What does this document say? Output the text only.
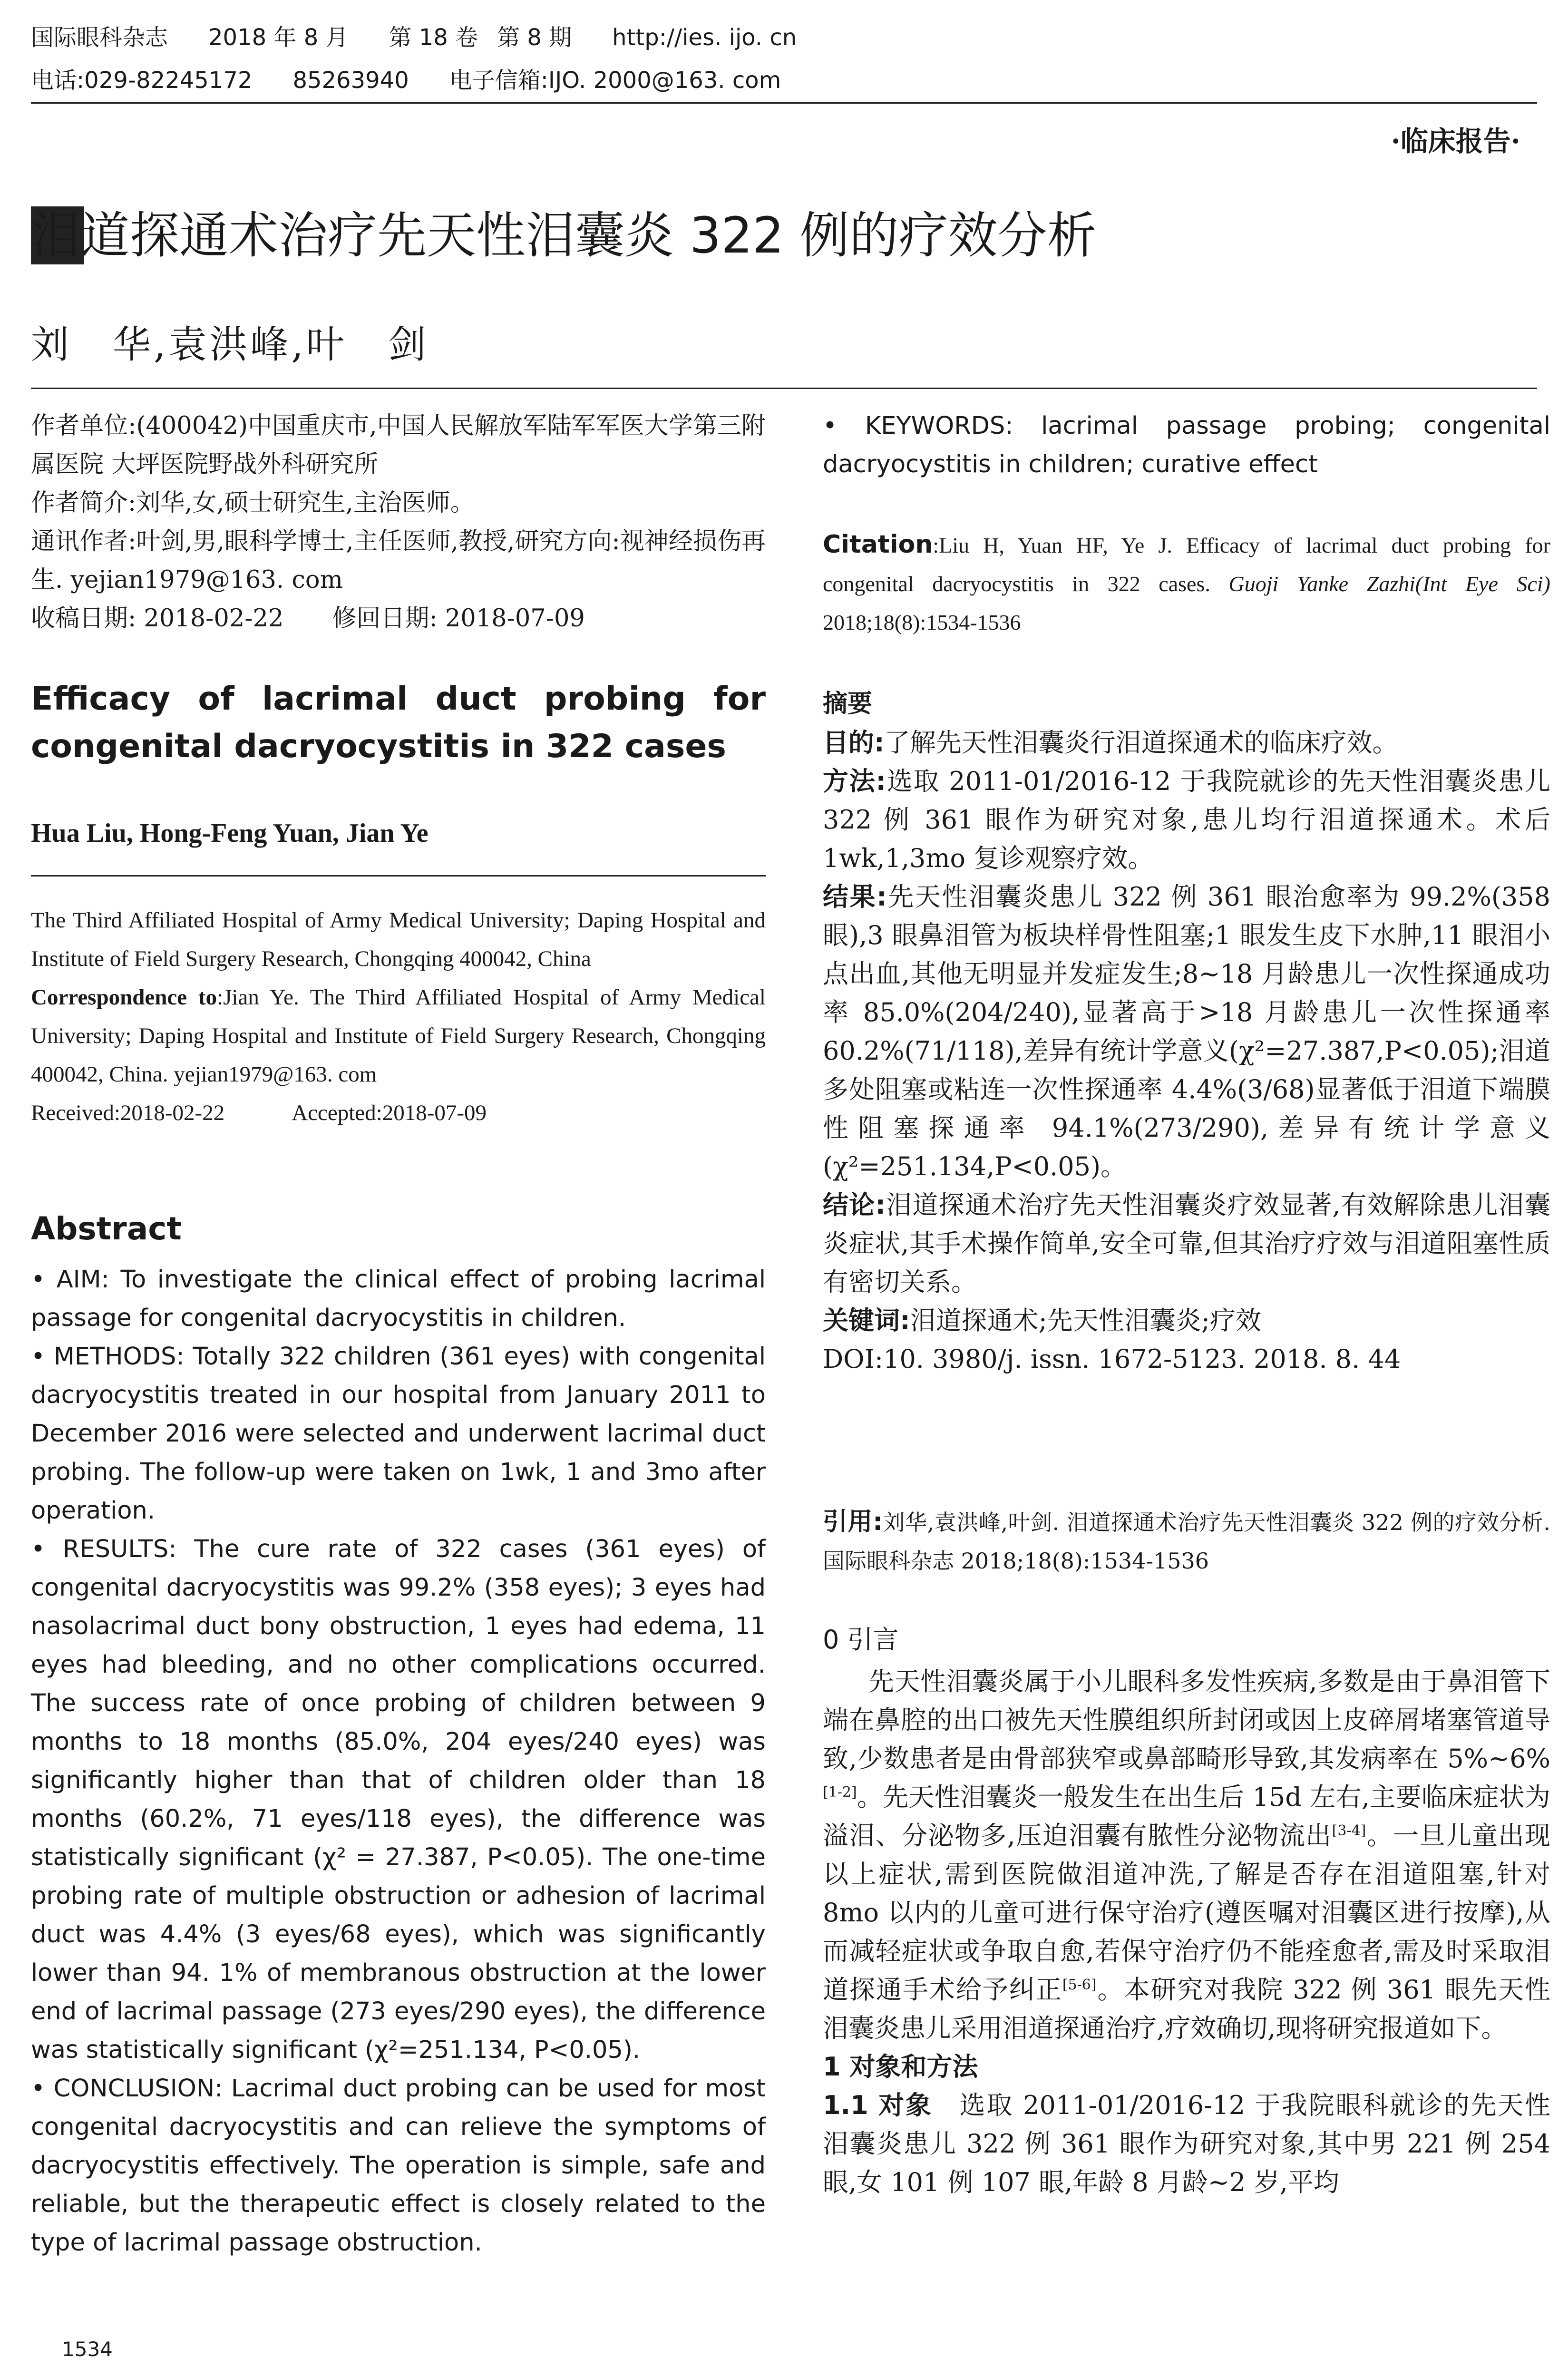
国际眼科杂志 2018 年 8 月 第 18 卷 第 8 期 http://ies. ijo. cn
电话:029-82245172 85263940 电子信箱:IJO. 2000@163. com
·临床报告·
泪道探通术治疗先天性泪囊炎 322 例的疗效分析
刘　华,袁洪峰,叶　剑

作者单位:(400042)中国重庆市,中国人民解放军陆军军医大学第三附属医院 大坪医院野战外科研究所

作者简介:刘华,女,硕士研究生,主治医师。

通讯作者:叶剑,男,眼科学博士,主任医师,教授,研究方向:视神经损伤再生. yejian1979@163. com

收稿日期: 2018-02-22　　修回日期: 2018-07-09

Efficacy of lacrimal duct probing for congenital dacryocystitis in 322 cases
Hua Liu, Hong-Feng Yuan, Jian Ye

The Third Affiliated Hospital of Army Medical University; Daping Hospital and Institute of Field Surgery Research, Chongqing 400042, China

Correspondence to:Jian Ye. The Third Affiliated Hospital of Army Medical University; Daping Hospital and Institute of Field Surgery Research, Chongqing 400042, China. yejian1979@163. com

Received:2018-02-22　　　Accepted:2018-07-09

Abstract

• AIM: To investigate the clinical effect of probing lacrimal passage for congenital dacryocystitis in children.

• METHODS: Totally 322 children (361 eyes) with congenital dacryocystitis treated in our hospital from January 2011 to December 2016 were selected and underwent lacrimal duct probing. The follow-up were taken on 1wk, 1 and 3mo after operation.

• RESULTS: The cure rate of 322 cases (361 eyes) of congenital dacryocystitis was 99.2% (358 eyes); 3 eyes had nasolacrimal duct bony obstruction, 1 eyes had edema, 11 eyes had bleeding, and no other complications occurred. The success rate of once probing of children between 9 months to 18 months (85.0%, 204 eyes/240 eyes) was significantly higher than that of children older than 18 months (60.2%, 71 eyes/118 eyes), the difference was statistically significant (χ² = 27.387, P<0.05). The one-time probing rate of multiple obstruction or adhesion of lacrimal duct was 4.4% (3 eyes/68 eyes), which was significantly lower than 94. 1% of membranous obstruction at the lower end of lacrimal passage (273 eyes/290 eyes), the difference was statistically significant (χ²=251.134, P<0.05).

• CONCLUSION: Lacrimal duct probing can be used for most congenital dacryocystitis and can relieve the symptoms of dacryocystitis effectively. The operation is simple, safe and reliable, but the therapeutic effect is closely related to the type of lacrimal passage obstruction.

1534
• KEYWORDS: lacrimal passage probing; congenital dacryocystitis in children; curative effect
Citation:Liu H, Yuan HF, Ye J. Efficacy of lacrimal duct probing for congenital dacryocystitis in 322 cases. Guoji Yanke Zazhi(Int Eye Sci) 2018;18(8):1534-1536

摘要

目的:了解先天性泪囊炎行泪道探通术的临床疗效。

方法:选取 2011-01/2016-12 于我院就诊的先天性泪囊炎患儿 322 例 361 眼作为研究对象,患儿均行泪道探通术。术后 1wk,1,3mo 复诊观察疗效。

结果:先天性泪囊炎患儿 322 例 361 眼治愈率为 99.2%(358 眼),3 眼鼻泪管为板块样骨性阻塞;1 眼发生皮下水肿,11 眼泪小点出血,其他无明显并发症发生;8~18 月龄患儿一次性探通成功率 85.0%(204/240),显著高于>18 月龄患儿一次性探通率 60.2%(71/118),差异有统计学意义(χ²=27.387,P<0.05);泪道多处阻塞或粘连一次性探通率 4.4%(3/68)显著低于泪道下端膜性阻塞探通率 94.1%(273/290),差异有统计学意义(χ²=251.134,P<0.05)。

结论:泪道探通术治疗先天性泪囊炎疗效显著,有效解除患儿泪囊炎症状,其手术操作简单,安全可靠,但其治疗疗效与泪道阻塞性质有密切关系。

关键词:泪道探通术;先天性泪囊炎;疗效

DOI:10. 3980/j. issn. 1672-5123. 2018. 8. 44

引用:刘华,袁洪峰,叶剑. 泪道探通术治疗先天性泪囊炎 322 例的疗效分析. 国际眼科杂志 2018;18(8):1534-1536
0 引言

先天性泪囊炎属于小儿眼科多发性疾病,多数是由于鼻泪管下端在鼻腔的出口被先天性膜组织所封闭或因上皮碎屑堵塞管道导致,少数患者是由骨部狭窄或鼻部畸形导致,其发病率在 5%~6%[1-2]。先天性泪囊炎一般发生在出生后 15d 左右,主要临床症状为溢泪、分泌物多,压迫泪囊有脓性分泌物流出[3-4]。一旦儿童出现以上症状,需到医院做泪道冲洗,了解是否存在泪道阻塞,针对 8mo 以内的儿童可进行保守治疗(遵医嘱对泪囊区进行按摩),从而减轻症状或争取自愈,若保守治疗仍不能痊愈者,需及时采取泪道探通手术给予纠正[5-6]。本研究对我院 322 例 361 眼先天性泪囊炎患儿采用泪道探通治疗,疗效确切,现将研究报道如下。

1 对象和方法

1.1 对象　选取 2011-01/2016-12 于我院眼科就诊的先天性泪囊炎患儿 322 例 361 眼作为研究对象,其中男 221 例 254 眼,女 101 例 107 眼,年龄 8 月龄~2 岁,平均
